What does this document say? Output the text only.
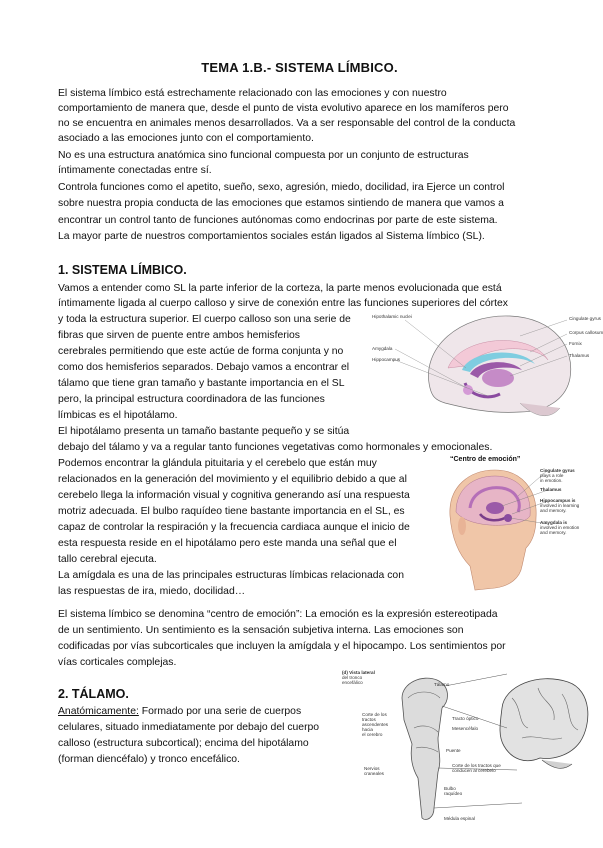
TEMA 1.B.- SISTEMA LÍMBICO.
El sistema límbico está estrechamente relacionado con las emociones y con nuestro
comportamiento de manera que, desde el punto de vista evolutivo aparece en los mamíferos pero
no se encuentra en animales menos desarrollados. Va a ser responsable del control de la conducta
asociado a las emociones junto con el comportamiento.
No es una estructura anatómica sino funcional compuesta por un conjunto de estructuras
íntimamente conectadas entre sí.
Controla funciones como el apetito, sueño, sexo, agresión, miedo, docilidad, ira Ejerce un control
sobre nuestra propia conducta de las emociones que estamos sintiendo de manera que vamos a
encontrar un control tanto de funciones autónomas como endocrinas por parte de este sistema.
La mayor parte de nuestros comportamientos sociales están ligados al Sistema límbico (SL).
1. SISTEMA LÍMBICO.
Vamos a entender como SL la parte inferior de la corteza, la parte menos evolucionada que está
íntimamente ligada al cuerpo calloso y sirve de conexión entre las funciones superiores del córtex
y toda la estructura superior. El cuerpo calloso son una serie de
fibras que sirven de puente entre ambos hemisferios
cerebrales permitiendo que este actúe de forma conjunta y no
como dos hemisferios separados. Debajo vamos a encontrar el
tálamo que tiene gran tamaño y bastante importancia en el SL
pero, la principal estructura coordinadora de las funciones
límbicas es el hipotálamo.
El hipotálamo presenta un tamaño bastante pequeño y se sitúa
debajo del tálamo y va a regular tanto funciones vegetativas como hormonales y emocionales.
Podemos encontrar la glándula pituitaria y el cerebelo que están muy
relacionados en la generación del movimiento y el equilibrio debido a que al
cerebelo llega la información visual y cognitiva generando así una respuesta
motriz adecuada. El bulbo raquídeo tiene bastante importancia en el SL, es
capaz de controlar la respiración y la frecuencia cardiaca aunque el inicio de
esta respuesta reside en el hipotálamo pero este manda una señal que el
tallo cerebral ejecuta.
La amígdala es una de las principales estructuras límbicas relacionada con
las respuestas de ira, miedo, docilidad…
El sistema límbico se denomina “centro de emoción”: La emoción es la expresión estereotipada
de un sentimiento. Un sentimiento es la sensación subjetiva interna. Las emociones son
codificadas por vías subcorticales que incluyen la amígdala y el hipocampo. Los sentimientos por
vías corticales complejas.
2. TÁLAMO.
Anatómicamente: Formado por una serie de cuerpos
celulares, situado inmediatamente por debajo del cuerpo
calloso (estructura subcortical); encima del hipotálamo
(forman diencéfalo) y tronco encefálico.
Hipothalamic nuclei
Amygdala
Hippocampus
Cingulate gyrus
Corpus callosum
Fornix
Thalamus
“Centro de emoción”
Cingulate gyrus
plays a role
in emotion.
Thalamus
Hippocampus is
involved in learning
and memory.
Amygdala is
involved in emotion
and memory.
(d) Vista lateral
del tronco
encefálico	Tálamo
Corte de los
tractos
ascendentes
hacia
el cerebro
Tracto óptico
Mesencéfalo
Puente
Corte de los tractos que
conducen al cerebelo
Nervios
craneales
Bulbo
raquídeo
Médula espinal
